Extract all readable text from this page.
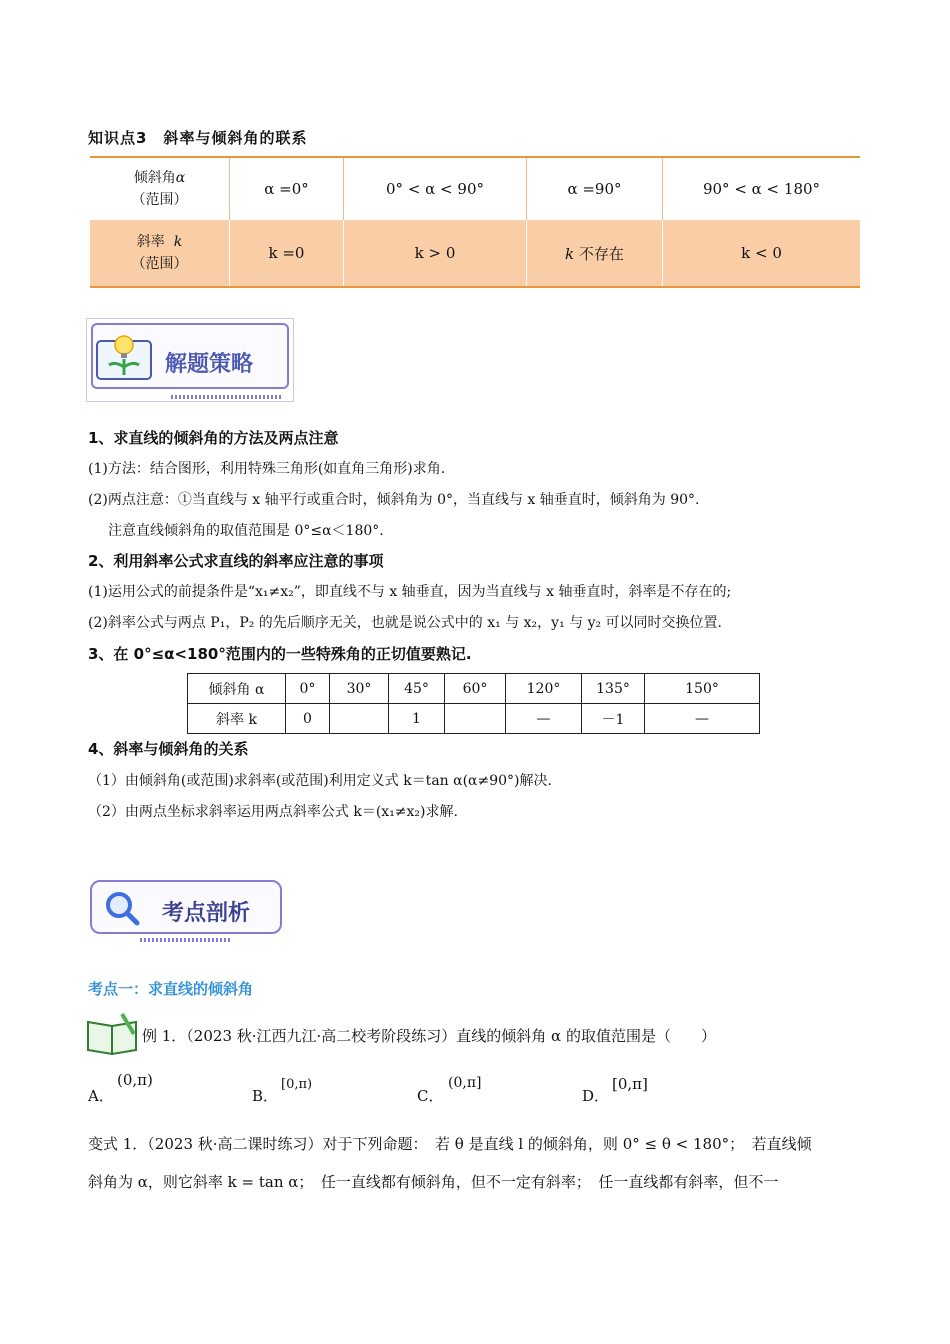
知识点3　斜率与倾斜角的联系
倾斜角α
（范围）	α =0°	0° < α < 90°	α =90°	90° < α < 180°
斜率 k
（范围）	k =0	k > 0	k 不存在	k < 0
解题策略
1、求直线的倾斜角的方法及两点注意
(1)方法：结合图形，利用特殊三角形(如直角三角形)求角.
(2)两点注意：①当直线与 x 轴平行或重合时，倾斜角为 0°，当直线与 x 轴垂直时，倾斜角为 90°.
注意直线倾斜角的取值范围是 0°≤α＜180°.
2、利用斜率公式求直线的斜率应注意的事项
(1)运用公式的前提条件是“x₁≠x₂”，即直线不与 x 轴垂直，因为当直线与 x 轴垂直时，斜率是不存在的;
(2)斜率公式与两点 P₁，P₂ 的先后顺序无关，也就是说公式中的 x₁ 与 x₂，y₁ 与 y₂ 可以同时交换位置.
3、在 0°≤α<180°范围内的一些特殊角的正切值要熟记.
倾斜角 α	0°	30°	45°	60°	120°	135°	150°
斜率 k	0		1		—	－1	—
4、斜率与倾斜角的关系
（1）由倾斜角(或范围)求斜率(或范围)利用定义式 k＝tan α(α≠90°)解决.
（2）由两点坐标求斜率运用两点斜率公式 k＝(x₁≠x₂)求解.
考点剖析
考点一：求直线的倾斜角
例 1．（2023 秋·江西九江·高二校考阶段练习）直线的倾斜角 α 的取值范围是（　　）
A．
(0,π)
B．
[0,π)
C．
(0,π]
D．
[0,π]
变式 1．（2023 秋·高二课时练习）对于下列命题：　若 θ 是直线 l 的倾斜角，则 0° ≤ θ < 180°；　若直线倾
斜角为 α，则它斜率 k = tan α；　任一直线都有倾斜角，但不一定有斜率；　任一直线都有斜率，但不一
